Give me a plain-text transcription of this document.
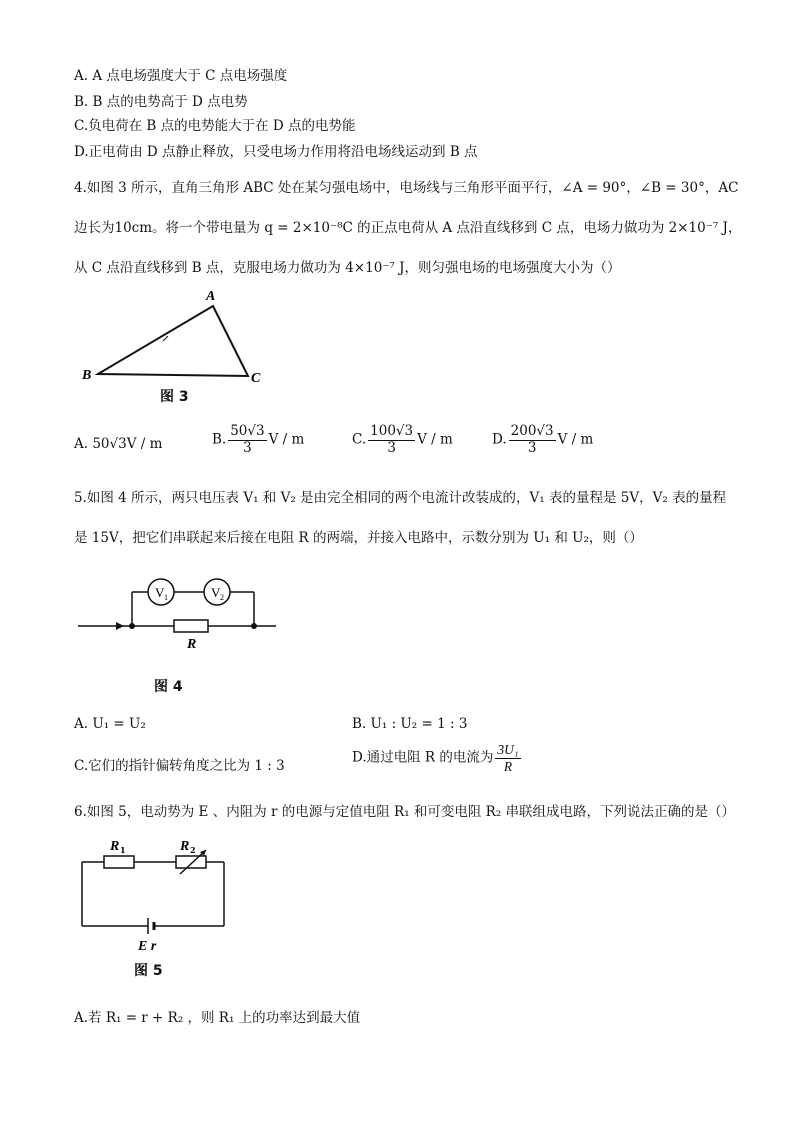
A. A 点电场强度大于 C 点电场强度
B. B 点的电势高于 D 点电势
C.负电荷在 B 点的电势能大于在 D 点的电势能
D.正电荷由 D 点静止释放，只受电场力作用将沿电场线运动到 B 点
4.如图 3 所示，直角三角形 ABC 处在某匀强电场中，电场线与三角形平面平行，∠A = 90°，∠B = 30°，AC
边长为10cm。将一个带电量为 q = 2×10⁻⁸C 的正点电荷从 A 点沿直线移到 C 点，电场力做功为 2×10⁻⁷ J，
从 C 点沿直线移到 B 点，克服电场力做功为 4×10⁻⁷ J，则匀强电场的电场强度大小为（）
A
B	C
图 3
A. 50√3V / m	B. $\frac{50√3}{3}$ V / m	C. $\frac{100√3}{3}$ V / m	D. $\frac{200√3}{3}$ V / m
5.如图 4 所示，两只电压表 V₁ 和 V₂ 是由完全相同的两个电流计改装成的，V₁ 表的量程是 5V，V₂ 表的量程
是 15V，把它们串联起来后接在电阻 R 的两端，并接入电路中，示数分别为 U₁ 和 U₂，则（）
V 1	V 2
R
图 4
A. U₁ = U₂	B. U₁ : U₂ = 1 : 3
C.它们的指针偏转角度之比为 1 : 3
D.通过电阻 R 的电流为 $\frac{\text{3U₁}}{R}$
6.如图 5，电动势为 E 、内阻为 r 的电源与定值电阻 R₁ 和可变电阻 R₂ 串联组成电路，下列说法正确的是（）
R 1	R 2
E r
图 5
A.若 R₁ = r + R₂ ，则 R₁ 上的功率达到最大值
